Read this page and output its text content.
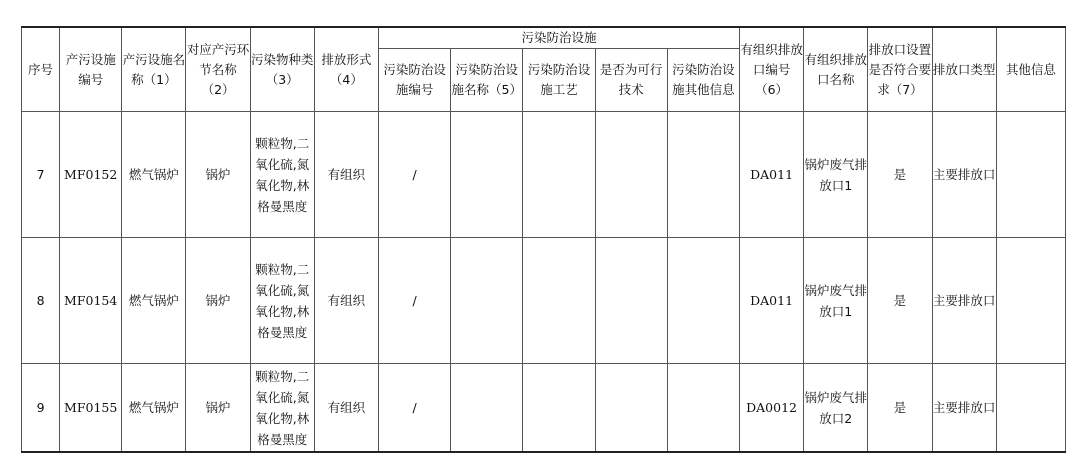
序号	产污设施编号	产污设施名称（1）	对应产污环节名称（2）	污染物种类（3）	排放形式（4）	污染防治设施					有组织排放口编号（6）	有组织排放口名称	排放口设置是否符合要求（7）	排放口类型	其他信息
						污染防治设施编号	污染防治设施名称（5）	污染防治设施工艺	是否为可行技术	污染防治设施其他信息					
7	MF0152	燃气锅炉	锅炉	颗粒物,二氧化硫,氮氧化物,林格曼黑度	有组织	/					DA011	锅炉废气排放口1	是	主要排放口	
8	MF0154	燃气锅炉	锅炉	颗粒物,二氧化硫,氮氧化物,林格曼黑度	有组织	/					DA011	锅炉废气排放口1	是	主要排放口	
9	MF0155	燃气锅炉	锅炉	颗粒物,二氧化硫,氮氧化物,林格曼黑度	有组织	/					DA0012	锅炉废气排放口2	是	主要排放口	
